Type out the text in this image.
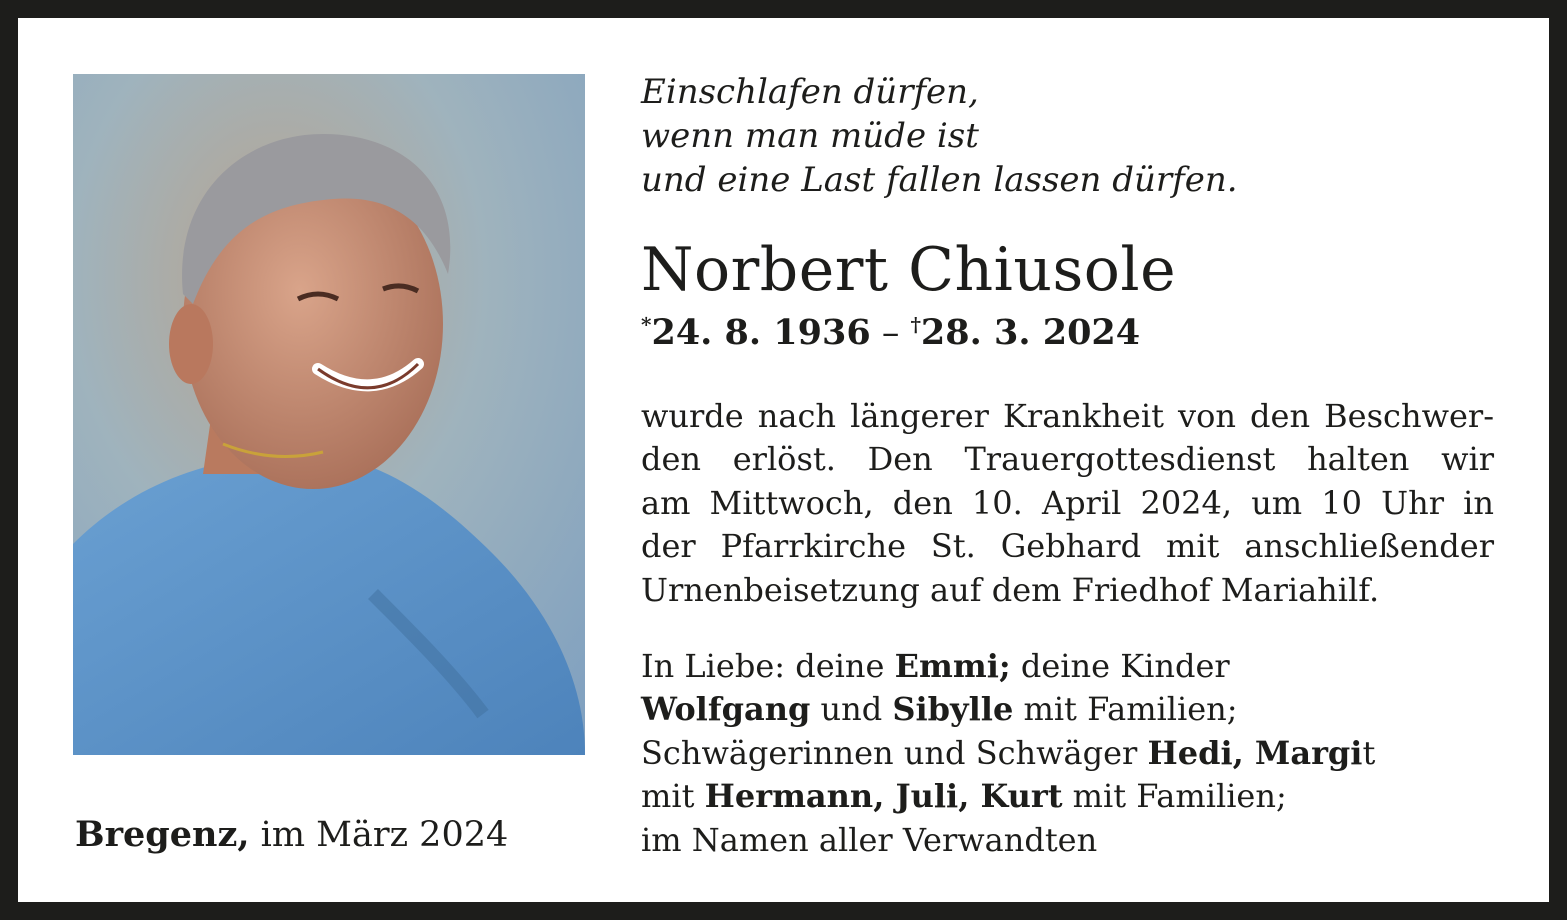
Bregenz, im März 2024
Einschlafen dürfen,
wenn man müde ist
und eine Last fallen lassen dürfen.
Norbert Chiusole
*24. 8. 1936 – †28. 3. 2024
wurde nach längerer Krankheit von den Beschwer-
den erlöst. Den Trauergottesdienst halten wir
am Mittwoch, den 10. April 2024, um 10 Uhr in
der Pfarrkirche St. Gebhard mit anschließender
Urnenbeisetzung auf dem Friedhof Mariahilf.
In Liebe: deine Emmi; deine Kinder
Wolfgang und Sibylle mit Familien;
Schwägerinnen und Schwäger Hedi, Margit
mit Hermann, Juli, Kurt mit Familien;
im Namen aller Verwandten
